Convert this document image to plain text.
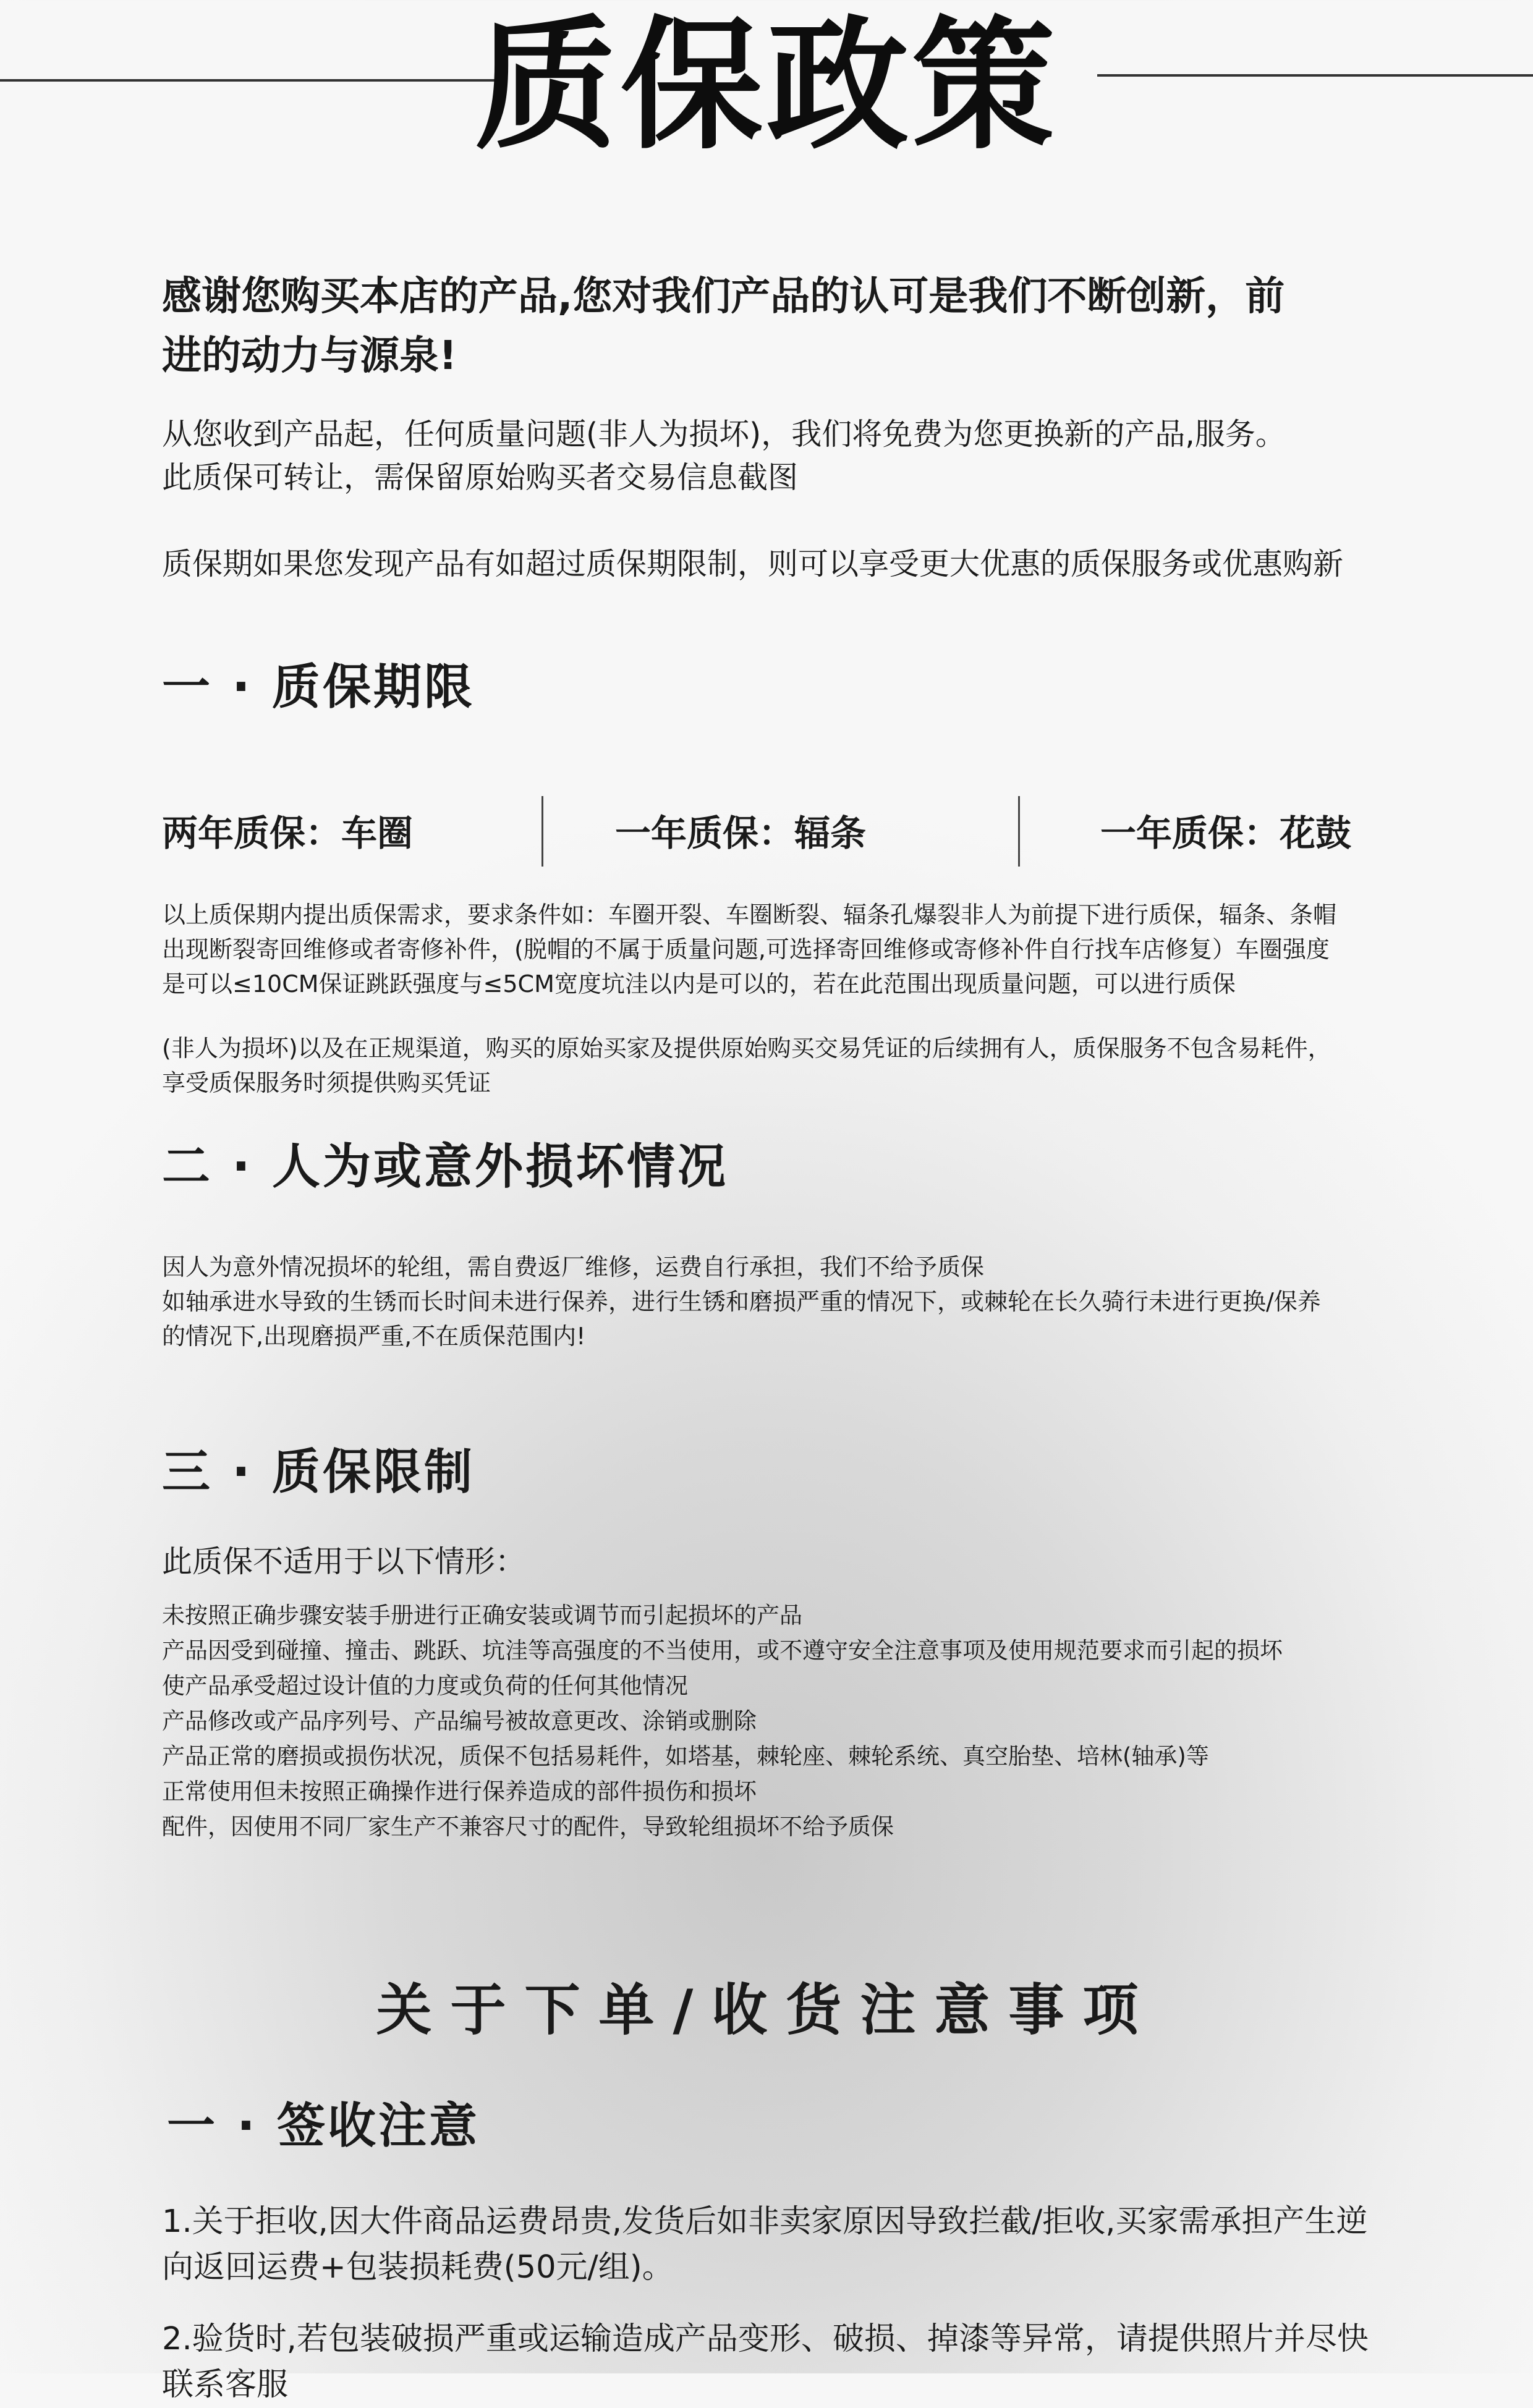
质保政策
感谢您购买本店的产品,您对我们产品的认可是我们不断创新，前
进的动力与源泉!
从您收到产品起，任何质量问题(非人为损坏)，我们将免费为您更换新的产品,服务。
此质保可转让，需保留原始购买者交易信息截图
质保期如果您发现产品有如超过质保期限制，则可以享受更大优惠的质保服务或优惠购新
一 · 质保期限
两年质保：车圈	一年质保：辐条	一年质保：花鼓
以上质保期内提出质保需求，要求条件如：车圈开裂、车圈断裂、辐条孔爆裂非人为前提下进行质保，辐条、条帽
出现断裂寄回维修或者寄修补件，(脱帽的不属于质量问题,可选择寄回维修或寄修补件自行找车店修复）车圈强度
是可以≤10CM保证跳跃强度与≤5CM宽度坑洼以内是可以的，若在此范围出现质量问题，可以进行质保
(非人为损坏)以及在正规渠道，购买的原始买家及提供原始购买交易凭证的后续拥有人，质保服务不包含易耗件，
享受质保服务时须提供购买凭证
二 · 人为或意外损坏情况
因人为意外情况损坏的轮组，需自费返厂维修，运费自行承担，我们不给予质保
如轴承进水导致的生锈而长时间未进行保养，进行生锈和磨损严重的情况下，或棘轮在长久骑行未进行更换/保养
的情况下,出现磨损严重,不在质保范围内!
三 · 质保限制
此质保不适用于以下情形：
未按照正确步骤安装手册进行正确安装或调节而引起损坏的产品
产品因受到碰撞、撞击、跳跃、坑洼等高强度的不当使用，或不遵守安全注意事项及使用规范要求而引起的损坏
使产品承受超过设计值的力度或负荷的任何其他情况
产品修改或产品序列号、产品编号被故意更改、涂销或删除
产品正常的磨损或损伤状况，质保不包括易耗件，如塔基，棘轮座、棘轮系统、真空胎垫、培林(轴承)等
正常使用但未按照正确操作进行保养造成的部件损伤和损坏
配件，因使用不同厂家生产不兼容尺寸的配件，导致轮组损坏不给予质保
关于下单/收货注意事项
一 · 签收注意
1.关于拒收,因大件商品运费昂贵,发货后如非卖家原因导致拦截/拒收,买家需承担产生逆
向返回运费+包装损耗费(50元/组)。
2.验货时,若包装破损严重或运输造成产品变形、破损、掉漆等异常，请提供照片并尽快
联系客服
